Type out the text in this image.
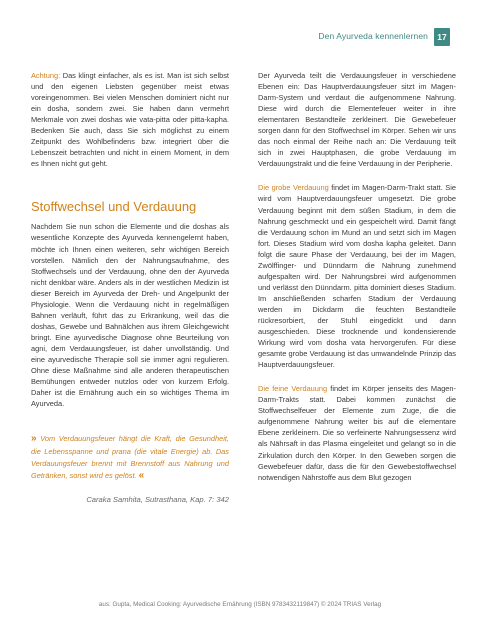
Den Ayurveda kennenlernen	17

Achtung: Das klingt einfacher, als es ist. Man ist sich selbst und den eigenen Liebsten gegenüber meist etwas voreingenommen. Bei vielen Menschen dominiert nicht nur ein dosha, sondern zwei. Sie haben dann vermehrt Merkmale von zwei doshas wie vata-pitta oder pitta-kapha. Bedenken Sie auch, dass Sie sich möglichst zu einem Zeitpunkt des Wohlbefindens bzw. integriert über die Lebenszeit betrachten und nicht in einem Moment, in dem es Ihnen nicht gut geht.

Stoffwechsel und Verdauung

Nachdem Sie nun schon die Elemente und die doshas als wesentliche Konzepte des Ayurveda kennengelernt haben, möchte ich Ihnen einen weiteren, sehr wichtigen Bereich vorstellen. Nämlich den der Nahrungsaufnahme, des Stoffwechsels und der Verdauung, ohne den der Ayurveda nicht denkbar wäre. Anders als in der westlichen Medizin ist dieser Bereich im Ayurveda der Dreh- und Angelpunkt der Physiologie. Wenn die Verdauung nicht in regelmäßigen Bahnen verläuft, führt das zu Erkrankung, weil das die doshas, Gewebe und Bahnälchen aus ihrem Gleichgewicht bringt. Eine ayurvedische Diagnose ohne Beurteilung von agni, dem Verdauungsfeuer, ist daher unvollständig. Und eine ayurvedische Therapie soll sie immer agni regulieren. Ohne diese Maßnahme sind alle anderen therapeutischen Bemühungen entweder nutzlos oder von kurzem Erfolg. Daher ist die Ernährung auch ein so wichtiges Thema im Ayurveda.

» Vom Verdauungsfeuer hängt die Kraft, die Gesundheit, die Lebensspanne und prana (die vitale Energie) ab. Das Verdauungsfeuer brennt mit Brennstoff aus Nahrung und Getränken, sonst wird es gelöst. «
Caraka Samhita, Sutrasthana, Kap. 7: 342

Der Ayurveda teilt die Verdauungsfeuer in verschiedene Ebenen ein: Das Hauptverdauungsfeuer sitzt im Magen-Darm-System und verdaut die aufgenommene Nahrung. Diese wird durch die Elementefeuer weiter in ihre elementaren Bestandteile zerkleinert. Die Gewebefeuer sorgen dann für den Stoffwechsel im Körper. Sehen wir uns das noch einmal der Reihe nach an: Die Verdauung teilt sich in zwei Hauptphasen, die grobe Verdauung im Verdauungstrakt und die feine Verdauung in der Peripherie.

Die grobe Verdauung findet im Magen-Darm-Trakt statt. Sie wird vom Hauptverdauungsfeuer umgesetzt. Die grobe Verdauung beginnt mit dem süßen Stadium, in dem die Nahrung geschmeckt und ein gespeichelt wird. Damit fängt die Verdauung schon im Mund an und setzt sich im Magen fort. Dieses Stadium wird vom dosha kapha geleitet. Dann folgt die saure Phase der Verdauung, bei der im Magen, Zwölffinger- und Dünndarm die Nahrung zunehmend aufgespalten wird. Der Nahrungsbrei wird aufgenommen und verlässt den Dünndarm. pitta dominiert dieses Stadium. Im anschließenden scharfen Stadium der Verdauung werden im Dickdarm die feuchten Bestandteile rückresorbiert, der Stuhl eingedickt und dann ausgeschieden. Diese trocknende und kondensierende Wirkung wird vom dosha vata hervorgerufen. Für diese gesamte grobe Verdauung ist das umwandelnde Prinzip das Hauptverdauungsfeuer.

Die feine Verdauung findet im Körper jenseits des Magen-Darm-Trakts statt. Dabei kommen zunächst die Stoffwechselfeuer der Elemente zum Zuge, die die aufgenommene Nahrung weiter bis auf die elementare Ebene zerkleinern. Die so verfeinerte Nahrungsessenz wird als Nährsaft in das Plasma eingeleitet und gelangt so in die Zirkulation durch den Körper. In den Geweben sorgen die Gewebefeuer dafür, dass die für den Gewebestoffwechsel notwendigen Nährstoffe aus dem Blut gezogen

aus: Gupta, Medical Cooking: Ayurvedische Ernährung (ISBN 9783432119847) © 2024 TRIAS Verlag
